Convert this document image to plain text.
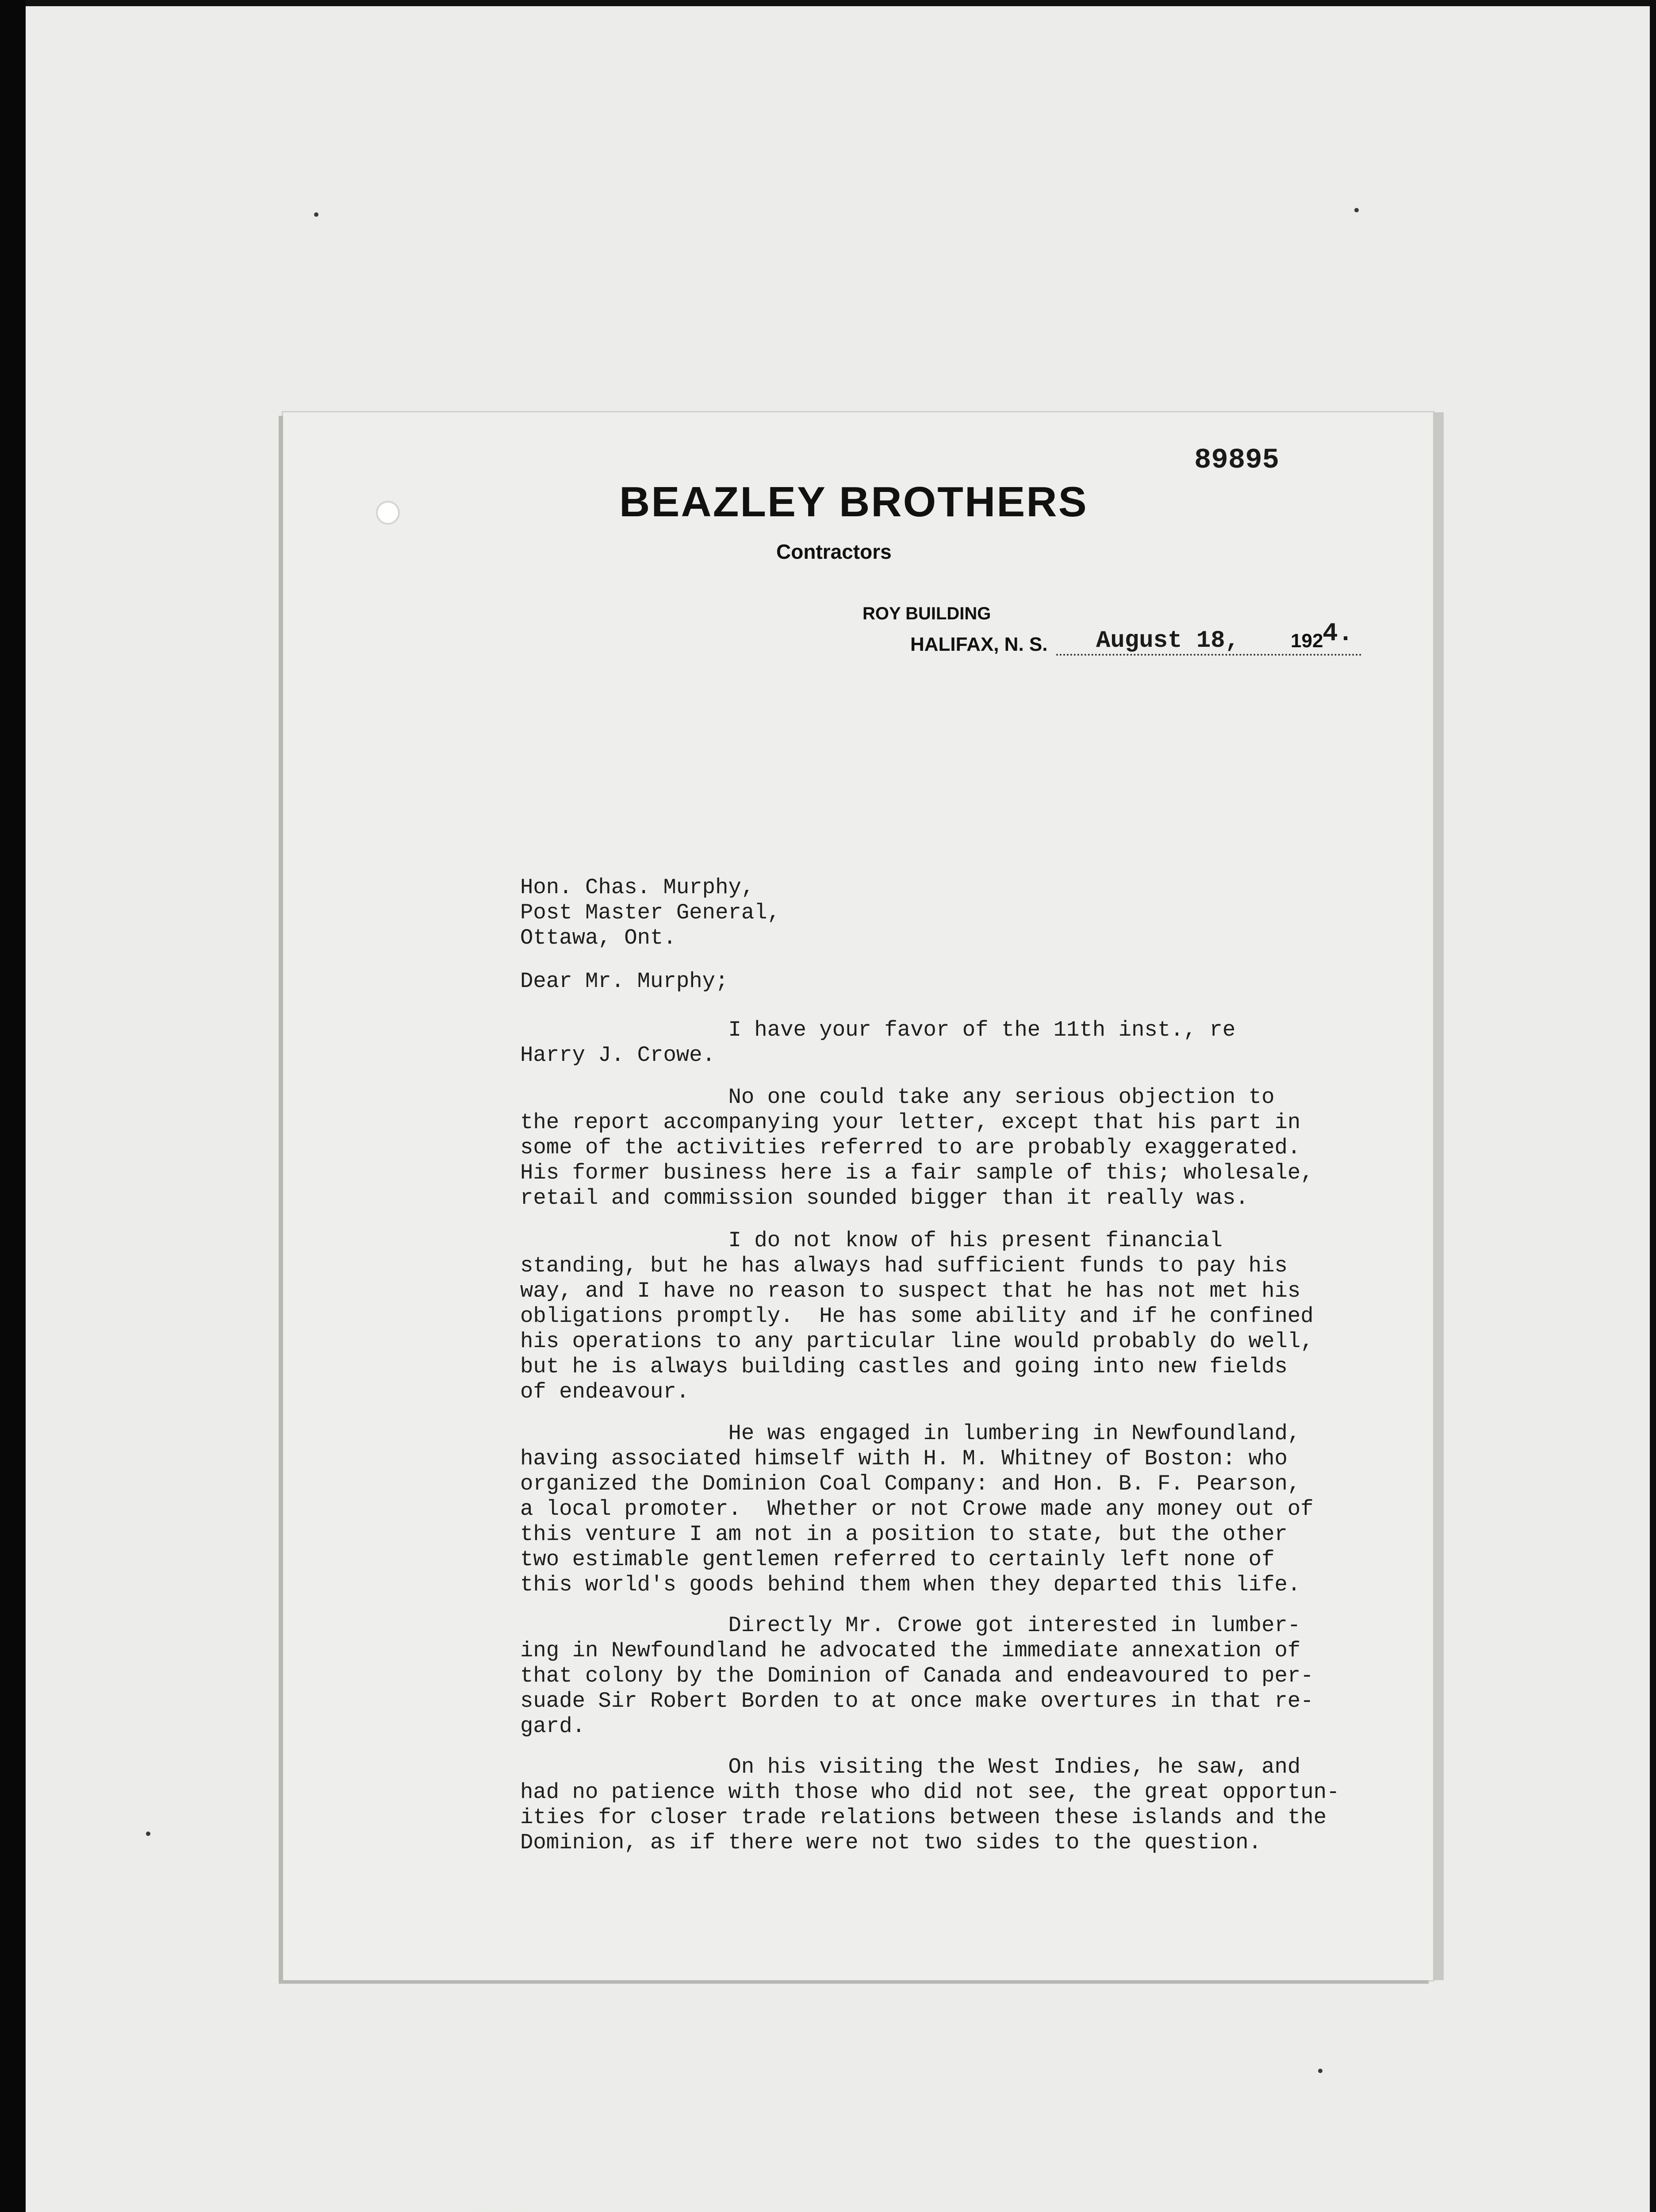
89895
BEAZLEY BROTHERS
Contractors
ROY BUILDING
HALIFAX, N. S. August 18,	192
4.
Hon. Chas. Murphy,
Post Master General,
Ottawa, Ont.
Dear Mr. Murphy;
I have your favor of the 11th inst., re
Harry J. Crowe.
No one could take any serious objection to
the report accompanying your letter, except that his part in
some of the activities referred to are probably exaggerated.
His former business here is a fair sample of this; wholesale,
retail and commission sounded bigger than it really was.
I do not know of his present financial
standing, but he has always had sufficient funds to pay his
way, and I have no reason to suspect that he has not met his
obligations promptly.  He has some ability and if he confined
his operations to any particular line would probably do well,
but he is always building castles and going into new fields
of endeavour.
He was engaged in lumbering in Newfoundland,
having associated himself with H. M. Whitney of Boston: who
organized the Dominion Coal Company: and Hon. B. F. Pearson,
a local promoter.  Whether or not Crowe made any money out of
this venture I am not in a position to state, but the other
two estimable gentlemen referred to certainly left none of
this world's goods behind them when they departed this life.
Directly Mr. Crowe got interested in lumber-
ing in Newfoundland he advocated the immediate annexation of
that colony by the Dominion of Canada and endeavoured to per-
suade Sir Robert Borden to at once make overtures in that re-
gard.
On his visiting the West Indies, he saw, and
had no patience with those who did not see, the great opportun-
ities for closer trade relations between these islands and the
Dominion, as if there were not two sides to the question.
